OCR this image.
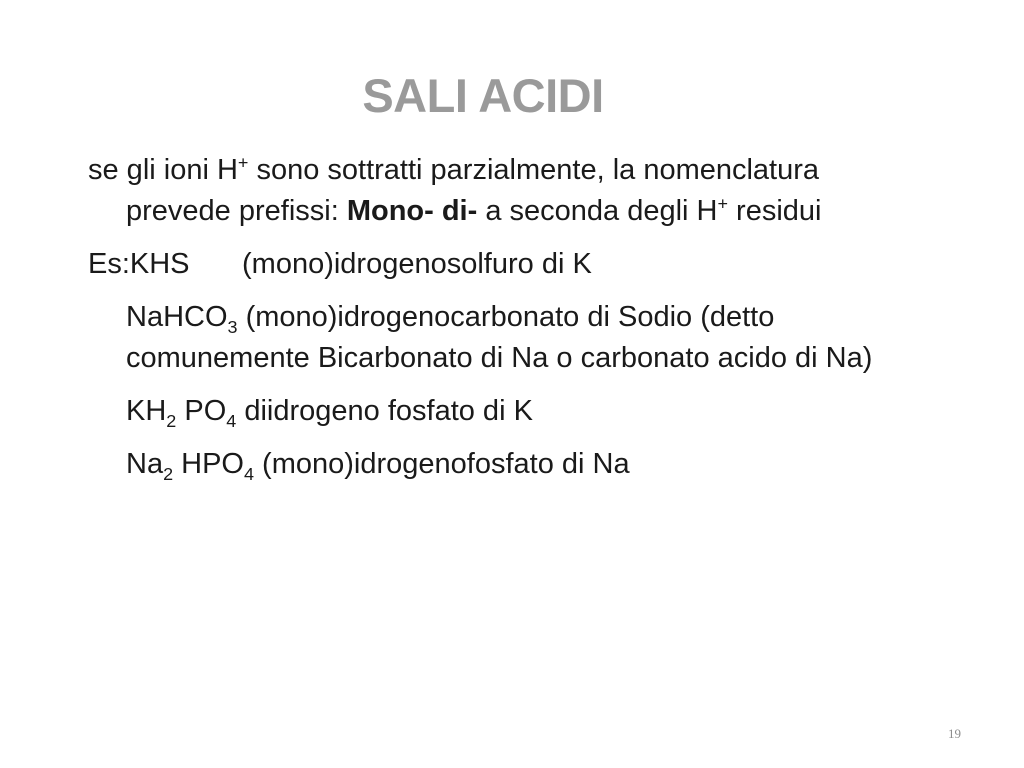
SALI ACIDI

se gli ioni H+ sono sottratti parzialmente, la nomenclatura prevede prefissi: Mono- di- a seconda degli H+ residui

Es:KHS (mono)idrogenosolfuro di K

NaHCO$_3$ (mono)idrogenocarbonato di Sodio (detto comunemente Bicarbonato di Na o carbonato acido di Na)

$KH_2$ $PO_4$ diidrogeno fosfato di K

$Na_2$ $HPO_4$ (mono)idrogenofosfato di Na

19
